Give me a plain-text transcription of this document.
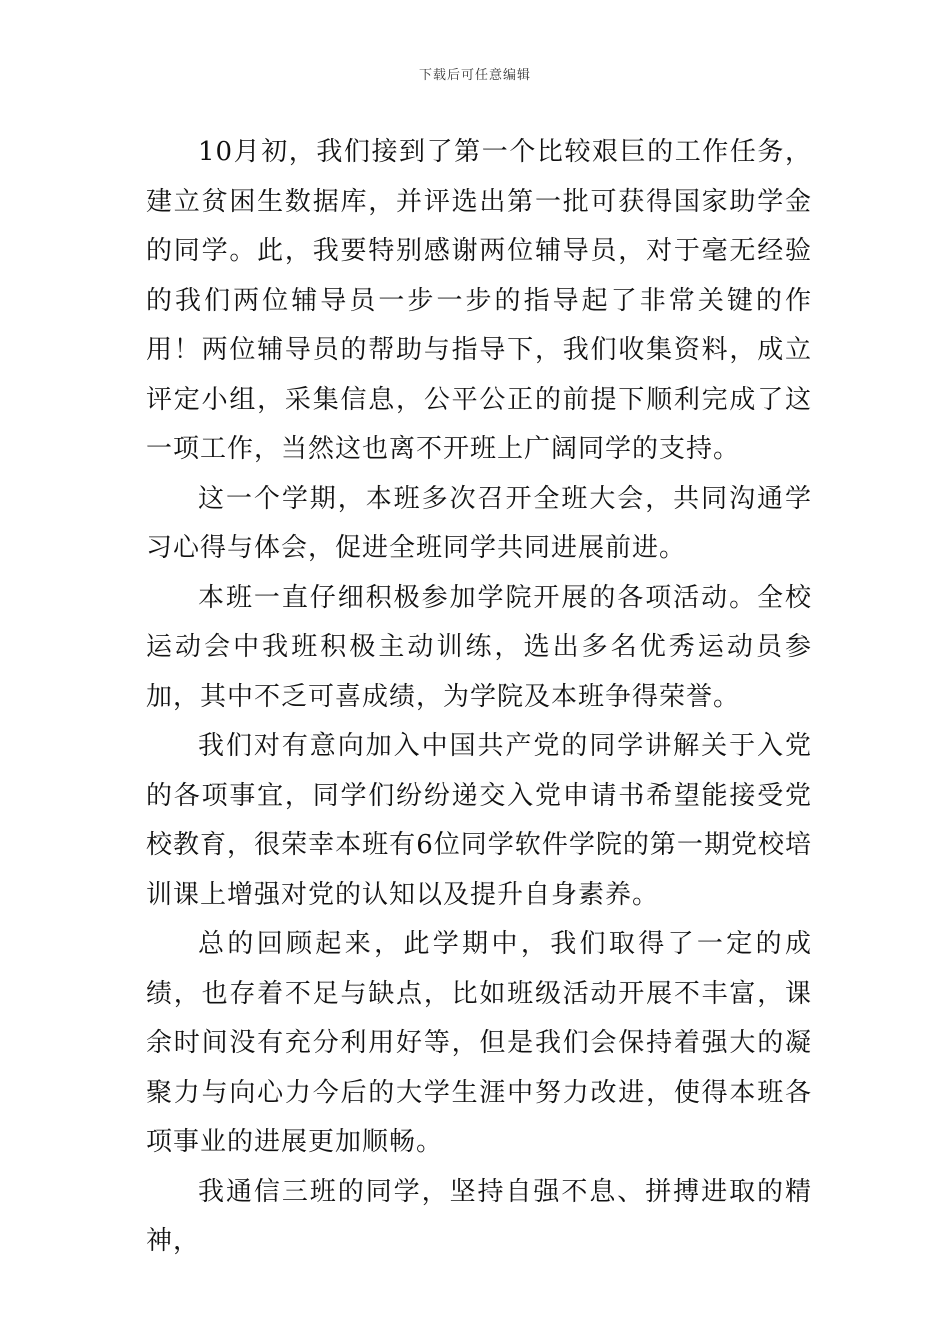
下载后可任意编辑

10月初，我们接到了第一个比较艰巨的工作任务，建立贫困生数据库，并评选出第一批可获得国家助学金的同学。此，我要特别感谢两位辅导员，对于毫无经验的我们两位辅导员一步一步的指导起了非常关键的作用！两位辅导员的帮助与指导下，我们收集资料，成立评定小组，采集信息，公平公正的前提下顺利完成了这一项工作，当然这也离不开班上广阔同学的支持。

这一个学期，本班多次召开全班大会，共同沟通学习心得与体会，促进全班同学共同进展前进。

本班一直仔细积极参加学院开展的各项活动。全校运动会中我班积极主动训练，选出多名优秀运动员参加，其中不乏可喜成绩，为学院及本班争得荣誉。

我们对有意向加入中国共产党的同学讲解关于入党的各项事宜，同学们纷纷递交入党申请书希望能接受党校教育，很荣幸本班有6位同学软件学院的第一期党校培训课上增强对党的认知以及提升自身素养。

总的回顾起来，此学期中，我们取得了一定的成绩，也存着不足与缺点，比如班级活动开展不丰富，课余时间没有充分利用好等，但是我们会保持着强大的凝聚力与向心力今后的大学生涯中努力改进，使得本班各项事业的进展更加顺畅。

我通信三班的同学，坚持自强不息、拼搏进取的精神，
